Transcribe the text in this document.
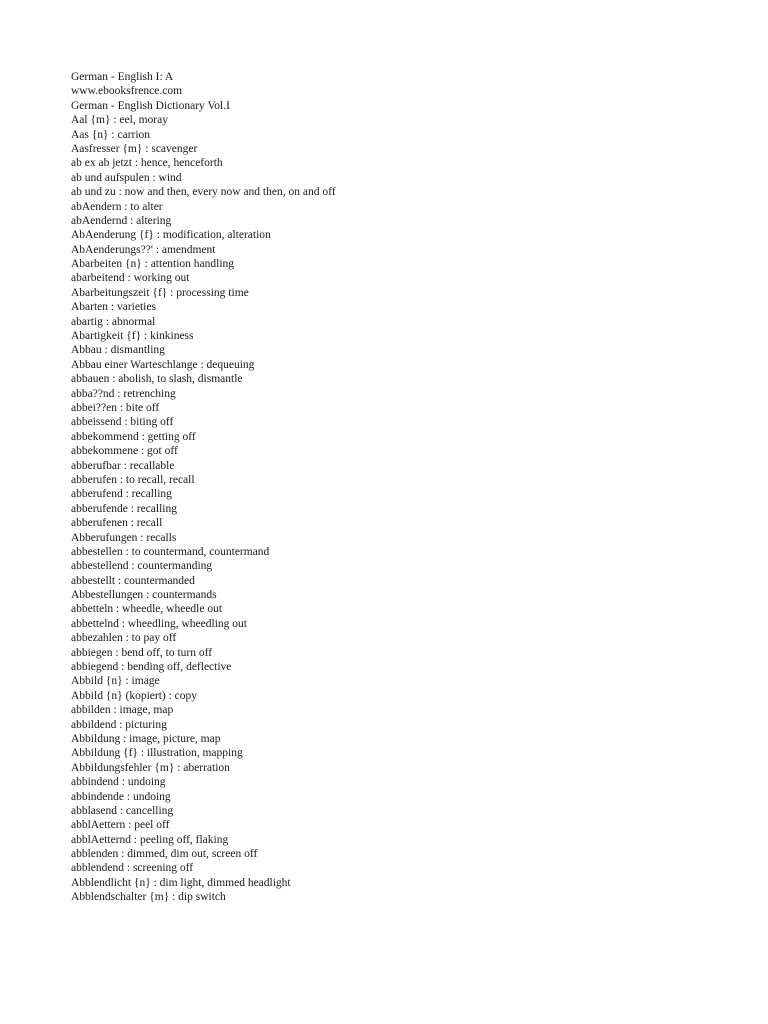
German - English I: A
www.ebooksfrence.com
German - English Dictionary Vol.I
Aal {m} : eel, moray
Aas {n} : carrion
Aasfresser {m} : scavenger
ab ex ab jetzt : hence, henceforth
ab und aufspulen : wind
ab und zu : now and then, every now and then, on and off
abAendern : to alter
abAendernd : altering
AbAenderung {f} : modification, alteration
AbAenderungs??' : amendment
Abarbeiten {n} : attention handling
abarbeitend : working out
Abarbeitungszeit {f} : processing time
Abarten : varieties
abartig : abnormal
Abartigkeit {f} : kinkiness
Abbau : dismantling
Abbau einer Warteschlange : dequeuing
abbauen : abolish, to slash, dismantle
abba??nd : retrenching
abbei??en : bite off
abbeissend : biting off
abbekommend : getting off
abbekommene : got off
abberufbar : recallable
abberufen : to recall, recall
abberufend : recalling
abberufende : recalling
abberufenen : recall
Abberufungen : recalls
abbestellen : to countermand, countermand
abbestellend : countermanding
abbestellt : countermanded
Abbestellungen : countermands
abbetteln : wheedle, wheedle out
abbettelnd : wheedling, wheedling out
abbezahlen : to pay off
abbiegen : bend off, to turn off
abbiegend : bending off, deflective
Abbild {n} : image
Abbild {n} (kopiert) : copy
abbilden : image, map
abbildend : picturing
Abbildung : image, picture, map
Abbildung {f} : illustration, mapping
Abbildungsfehler {m} : aberration
abbindend : undoing
abbindende : undoing
abblasend : cancelling
abblAettern : peel off
abblAetternd : peeling off, flaking
abblenden : dimmed, dim out, screen off
abblendend : screening off
Abblendlicht {n} : dim light, dimmed headlight
Abblendschalter {m} : dip switch
